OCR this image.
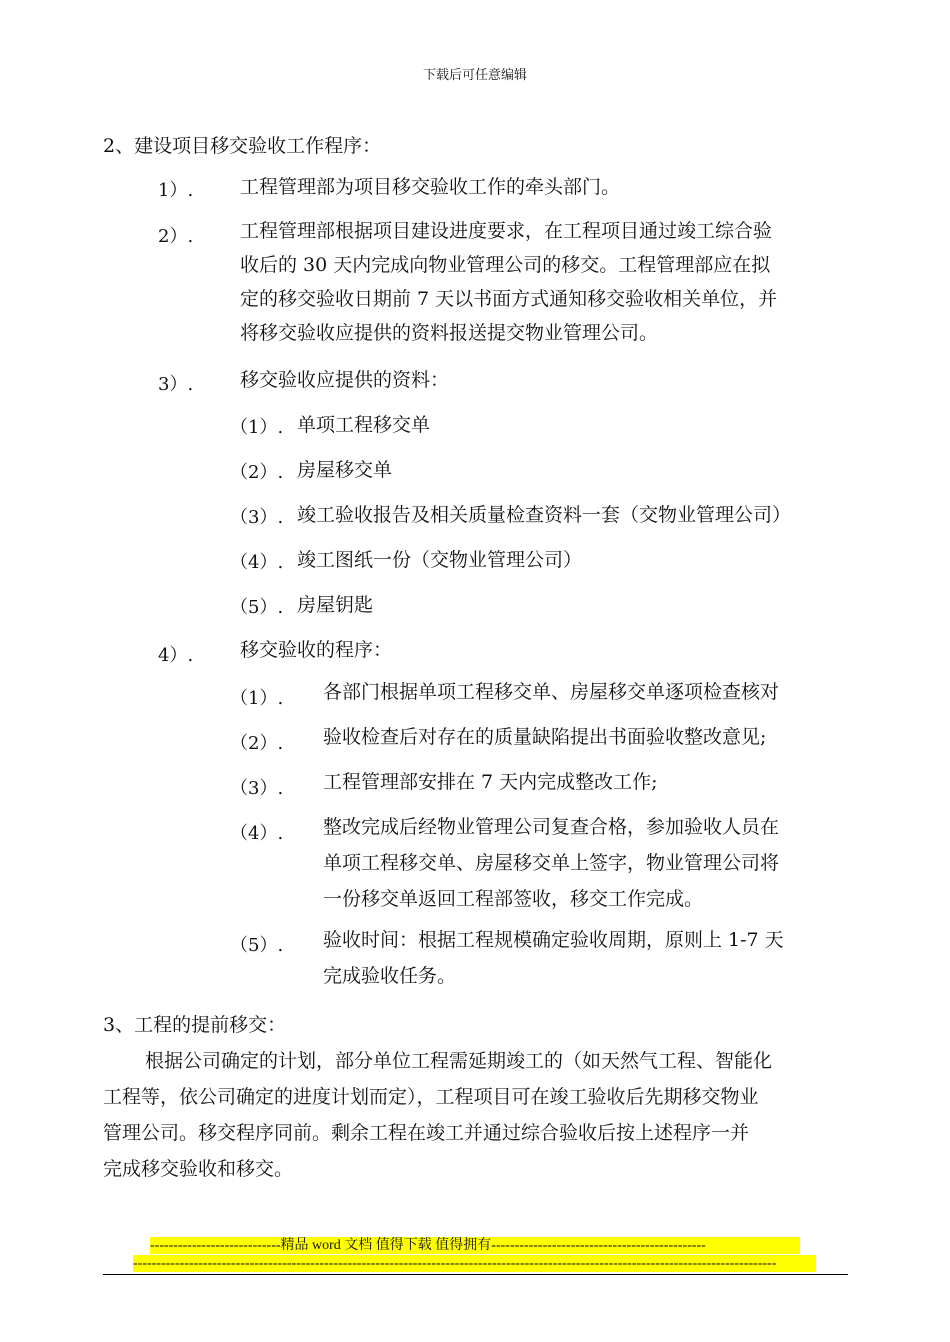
下载后可任意编辑
2、建设项目移交验收工作程序：
1）. 工程管理部为项目移交验收工作的牵头部门。
2）. 工程管理部根据项目建设进度要求，在工程项目通过竣工综合验
收后的 30 天内完成向物业管理公司的移交。工程管理部应在拟
定的移交验收日期前 7 天以书面方式通知移交验收相关单位，并
将移交验收应提供的资料报送提交物业管理公司。
3）. 移交验收应提供的资料：
（1）. 单项工程移交单
（2）. 房屋移交单
（3）. 竣工验收报告及相关质量检查资料一套（交物业管理公司）
（4）. 竣工图纸一份（交物业管理公司）
（5）. 房屋钥匙
4）. 移交验收的程序：
（1）. 各部门根据单项工程移交单、房屋移交单逐项检查核对
（2）. 验收检查后对存在的质量缺陷提出书面验收整改意见;
（3）. 工程管理部安排在 7 天内完成整改工作;
（4）. 整改完成后经物业管理公司复查合格，参加验收人员在
单项工程移交单、房屋移交单上签字，物业管理公司将
一份移交单返回工程部签收，移交工作完成。
（5）. 验收时间：根据工程规模确定验收周期，原则上 1-7 天
完成验收任务。
3、工程的提前移交：
根据公司确定的计划，部分单位工程需延期竣工的（如天然气工程、智能化
工程等，依公司确定的进度计划而定），工程项目可在竣工验收后先期移交物业
管理公司。移交程序同前。剩余工程在竣工并通过综合验收后按上述程序一并
完成移交验收和移交。
----------------------------精品 word 文档 值得下载 值得拥有----------------------------------------------
------------------------------------------------------------------------------------------------------------------------------------------
